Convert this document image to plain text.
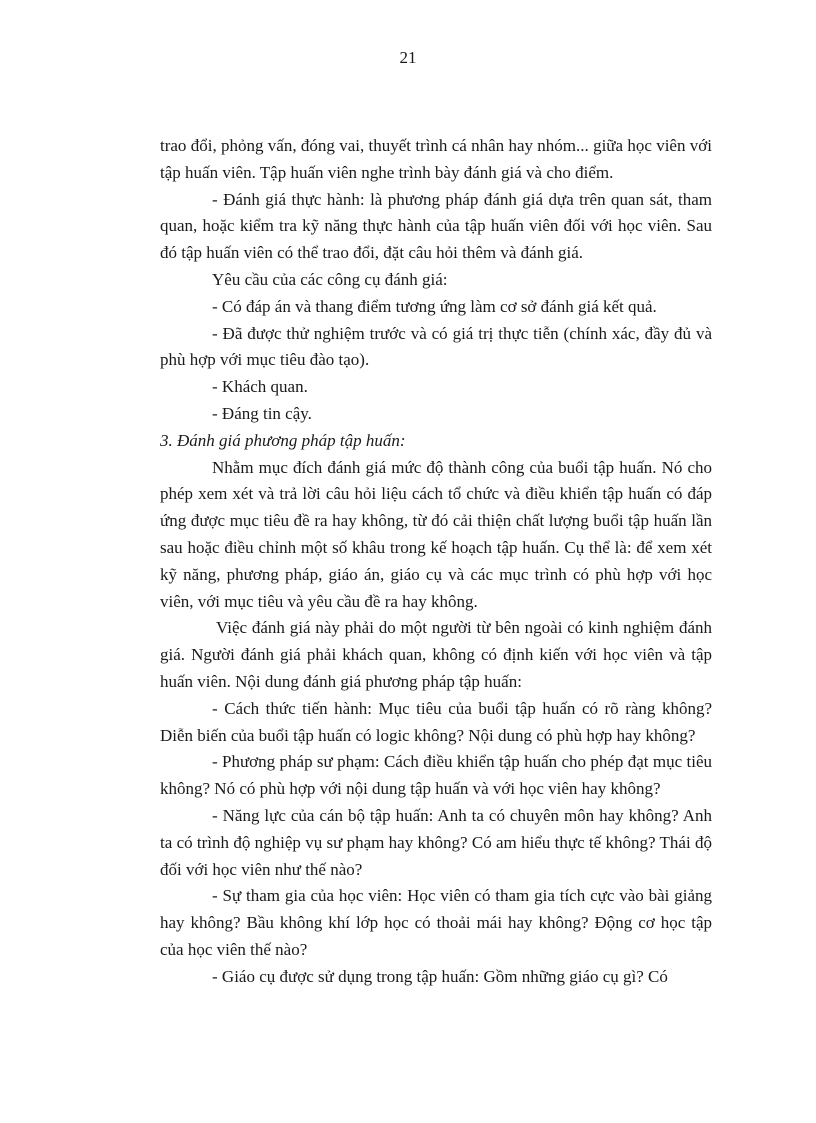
21

trao đổi, phỏng vấn, đóng vai, thuyết trình cá nhân hay nhóm... giữa học viên với tập huấn viên. Tập huấn viên nghe trình bày đánh giá và cho điểm.

- Đánh giá thực hành: là phương pháp đánh giá dựa trên quan sát, tham quan, hoặc kiểm tra kỹ năng thực hành của tập huấn viên đối với học viên. Sau đó tập huấn viên có thể trao đổi, đặt câu hỏi thêm và đánh giá.

Yêu cầu của các công cụ đánh giá:

- Có đáp án và thang điểm tương ứng làm cơ sở đánh giá kết quả.

- Đã được thử nghiệm trước và có giá trị thực tiễn (chính xác, đầy đủ và phù hợp với mục tiêu đào tạo).

- Khách quan.

- Đáng tin cậy.

3. Đánh giá phương pháp tập huấn:

Nhằm mục đích đánh giá mức độ thành công của buổi tập huấn. Nó cho phép xem xét và trả lời câu hỏi liệu cách tổ chức và điều khiển tập huấn có đáp ứng được mục tiêu đề ra hay không, từ đó cải thiện chất lượng buổi tập huấn lần sau hoặc điều chỉnh một số khâu trong kế hoạch tập huấn. Cụ thể là: để xem xét kỹ năng, phương pháp, giáo án, giáo cụ và các mục trình có phù hợp với học viên, với mục tiêu và yêu cầu đề ra hay không.

Việc đánh giá này phải do một người từ bên ngoài có kinh nghiệm đánh giá. Người đánh giá phải khách quan, không có định kiến với học viên và tập huấn viên. Nội dung đánh giá phương pháp tập huấn:

- Cách thức tiến hành: Mục tiêu của buổi tập huấn có rõ ràng không? Diễn biến của buổi tập huấn có logic không? Nội dung có phù hợp hay không?

- Phương pháp sư phạm: Cách điều khiển tập huấn cho phép đạt mục tiêu không? Nó có phù hợp với nội dung tập huấn và với học viên hay không?

- Năng lực của cán bộ tập huấn: Anh ta có chuyên môn hay không? Anh ta có trình độ nghiệp vụ sư phạm hay không? Có am hiểu thực tế không? Thái độ đối với học viên như thế nào?

- Sự tham gia của học viên: Học viên có tham gia tích cực vào bài giảng hay không? Bầu không khí lớp học có thoải mái hay không? Động cơ học tập của học viên thế nào?

- Giáo cụ được sử dụng trong tập huấn: Gồm những giáo cụ gì? Có
